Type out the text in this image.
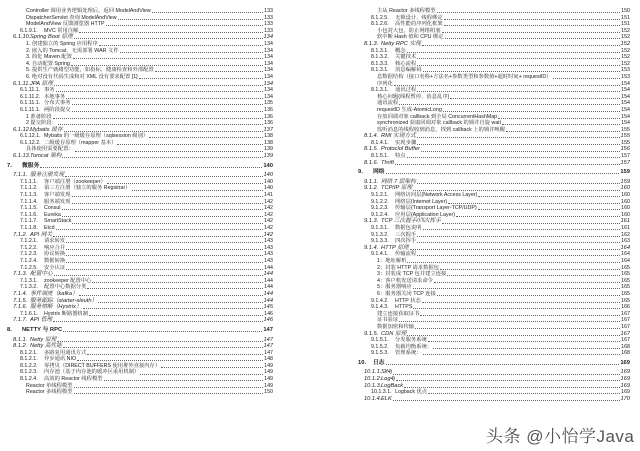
Controller 调用业务逻辑处理后，返回 ModelAndView	133
DispatcherServlet 查询 ModelAndView	133
ModelAndView 反馈浏览器 HTTP	133
6.1.9.1.	MVC 常用注解	133
6.1.10. Spring Boot 原理	134
1. 创建独立的 Spring 应用程序	134
2. 嵌入的 Tomcat，无需部署 WAR 文件	134
3. 简化 Maven 配置	134
4. 自动配置 Spring	134
5. 提供生产就绪型功能，如指标，健康检查和外部配置	134
6. 绝对没有代码生成和对 XML 没有要求配置 [1]	134
6.1.11. JPA 原理	134
6.1.11.1. 事务	134
6.1.11.2. 本地事务	134
6.1.11.1. 分布式事务	135
6.1.11.1. 两阶段提交	136
1 准备阶段	136
2 提交阶段：	136
6.1.12. Mybatis 缓存	137
6.1.12.1. Mybatis 的一级缓存原理（sqlsession 级别）	138
6.1.12.2. 二级缓存原理（mapper 基本）	138
具体使用需要配置：	139
6.1.13. Tomcat 架构	139
7.	微服务	140
7.1.1. 服务注册发现	140
7.1.1.1.	客户端注册（zookeeper）	140
7.1.1.2.	第三方注册（独立的服务 Registrar）	140
7.1.1.3.	客户端发现	141
7.1.1.4.	服务端发现	142
7.1.1.5.	Consul	142
7.1.1.6.	Eureka	142
7.1.1.7.	SmartStack	142
7.1.1.8.	Etcd	142
7.1.2. API 网关	142
7.1.2.1.	请求转发	143
7.1.2.2.	响应合并	143
7.1.2.3.	协议转换	143
7.1.2.4.	数据转换	143
7.1.2.5.	安全认证	144
7.1.3. 配置中心	144
7.1.3.1.	zookeeper 配置中心	144
7.1.3.2.	配置中心数据分类	144
7.1.4. 事件调度（kafka）	144
7.1.5. 服务跟踪（starter-sleuth）	144
7.1.6. 服务熔断（Hystrix）	145
7.1.6.1.	Hystrix 断路器机制	146
7.1.7. API 管理	146
8.	NETTY 与 RPC	147
8.1.1. Netty 原理	147
8.1.2. Netty 高性能	147
8.1.2.1.	多路复用通讯方式	147
8.1.2.1.	异步通讯 NIO	148
8.1.2.2.	零拷贝（DIRECT BUFFERS 使用堆外直接内存）	149
8.1.2.3.	内存池（基于内存池的缓冲区重用机制）	149
8.1.2.4.	高效的 Reactor 线程模型	149
Reactor 单线程模型	149
Reactor 多线程模型	150
主从 Reactor 多线程模型	150
8.1.2.5.	无锁设计、线程绑定	151
8.1.2.6.	高性能的序列化框架	151
小包封大包，防止网络阻塞	152
软中断 Hash 值和 CPU 绑定	152
8.1.3. Netty RPC 实现	152
8.1.3.1.	概念	152
8.1.3.2.	关键技术	152
8.1.3.3.	核心流程	152
8.1.3.1.	消息编解码	153
息数据结构（接口名称+方法名+参数类型和参数值+超时时间+ requestID）	153
序列化	154
8.1.3.1.	通讯过程	154
核心问题(线程暂停、消息乱序)	154
通讯流程	154
requestID 生成-AtomicLong	154
存放回调对象 callback 到全局 ConcurrentHashMap	154
synchronized 获取回调对象 callback 的锁并自旋 wait	154
监听消息的线程收到消息，找到 callback 上的锁并唤醒	155
8.1.4. RMI 实现方式	155
8.1.4.1.	实现步骤	155
8.1.5. Protoclol Buffer	156
8.1.5.1.	特点	157
8.1.6. Thrift	157
9.	网络	159
9.1.1. 网络 7 层架构	159
9.1.2. TCP/IP 原理	160
9.1.2.1.	网络访问层(Network Access Layer)	160
9.1.2.2.	网络层(Internet Layer)	160
9.1.2.3.	传输层(Transport Layer-TCP/UDP)	160
9.1.2.4.	应用层(Application Layer)	160
9.1.3. TCP 三次握手/四次挥手	161
9.1.3.1.	数据包说明	161
9.1.3.2.	三次握手	162
9.1.3.3.	四次挥手	163
9.1.4. HTTP 原理	164
9.1.4.1.	传输流程	164
1：地址解析	164
2：封装 HTTP 请求数据包	165
3：封装成 TCP 包并建立连接	165
4：客户机发送请求命令	165
5：服务器响应	165
6：服务器关闭 TCP 连接	165
9.1.4.2.	HTTP 状态	165
9.1.4.3.	HTTPS	166
建立连接获取证书	167
证书验证	167
数据加密和传输	167
9.1.5. CDN 原理	167
9.1.5.1.	分发服务系统	167
9.1.5.2.	负载均衡系统：	168
9.1.5.3.	管理系统：	168
10.	日志	169
10.1.1. Slf4j	169
10.1.2. Log4j	169
10.1.3. LogBack	169
10.1.3.1. Logback 优点	169
10.1.4. ELK	170
头条 @小怡学Java
